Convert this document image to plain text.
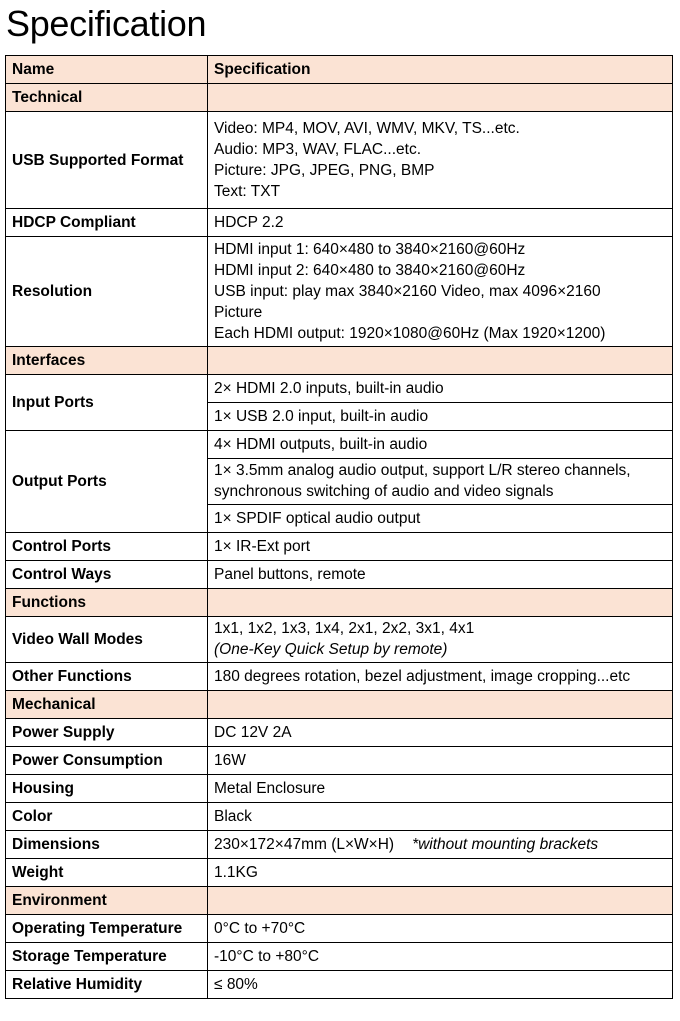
Specification
Name	Specification
Technical	
USB Supported Format	Video: MP4, MOV, AVI, WMV, MKV, TS...etc.
Audio: MP3, WAV, FLAC...etc.
Picture: JPG, JPEG, PNG, BMP
Text: TXT

HDCP Compliant	HDCP 2.2
Resolution	HDMI input 1: 640×480 to 3840×2160@60Hz
HDMI input 2: 640×480 to 3840×2160@60Hz
USB input: play max 3840×2160 Video, max 4096×2160
Picture
Each HDMI output: 1920×1080@60Hz (Max 1920×1200)

Interfaces	
Input Ports	2× HDMI 2.0 inputs, built-in audio
	1× USB 2.0 input, built-in audio
Output Ports	4× HDMI outputs, built-in audio

	1× 3.5mm analog audio output, support L/R stereo channels,
synchronous switching of audio and video signals

	1× SPDIF optical audio output
Control Ports	1× IR-Ext port
Control Ways	Panel buttons, remote
Functions	
Video Wall Modes	1x1, 1x2, 1x3, 1x4, 2x1, 2x2, 3x1, 4x1
(One-Key Quick Setup by remote)

Other Functions	180 degrees rotation, bezel adjustment, image cropping...etc
Mechanical	
Power Supply	DC 12V 2A
Power Consumption	16W
Housing	Metal Enclosure
Color	Black
Dimensions	230×172×47mm (L×W×H) *without mounting brackets
Weight	1.1KG
Environment	
Operating Temperature	0°C to +70°C
Storage Temperature	-10°C to +80°C
Relative Humidity	≤ 80%
